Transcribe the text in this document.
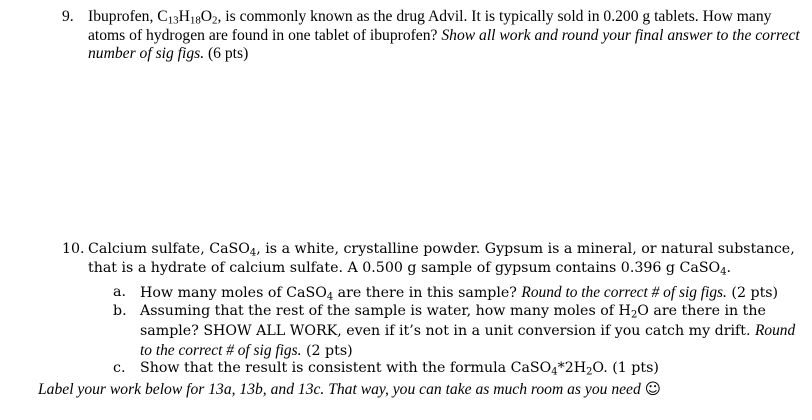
9. Ibuprofen, $C_{13}H_{18}O_2$, is commonly known as the drug Advil. It is typically sold in 0.200 g tablets. How many atoms of hydrogen are found in one tablet of ibuprofen? Show all work and round your final answer to the correct number of sig figs. (6 pts)
10. Calcium sulfate, CaSO$_4$, is a white, crystalline powder. Gypsum is a mineral, or natural substance, that is a hydrate of calcium sulfate. A 0.500 g sample of gypsum contains 0.396 g CaSO$_4$.
a. How many moles of CaSO$_4$ are there in this sample? Round to the correct # of sig figs. (2 pts)
b. Assuming that the rest of the sample is water, how many moles of $H_2O$ are there in the sample? SHOW ALL WORK, even if it’s not in a unit conversion if you catch my drift. Round to the correct # of sig figs. (2 pts)
c. Show that the result is consistent with the formula $CaSO_4*2H_2O$. (1 pts)
Label your work below for 13a, 13b, and 13c. That way, you can take as much room as you need ☺
